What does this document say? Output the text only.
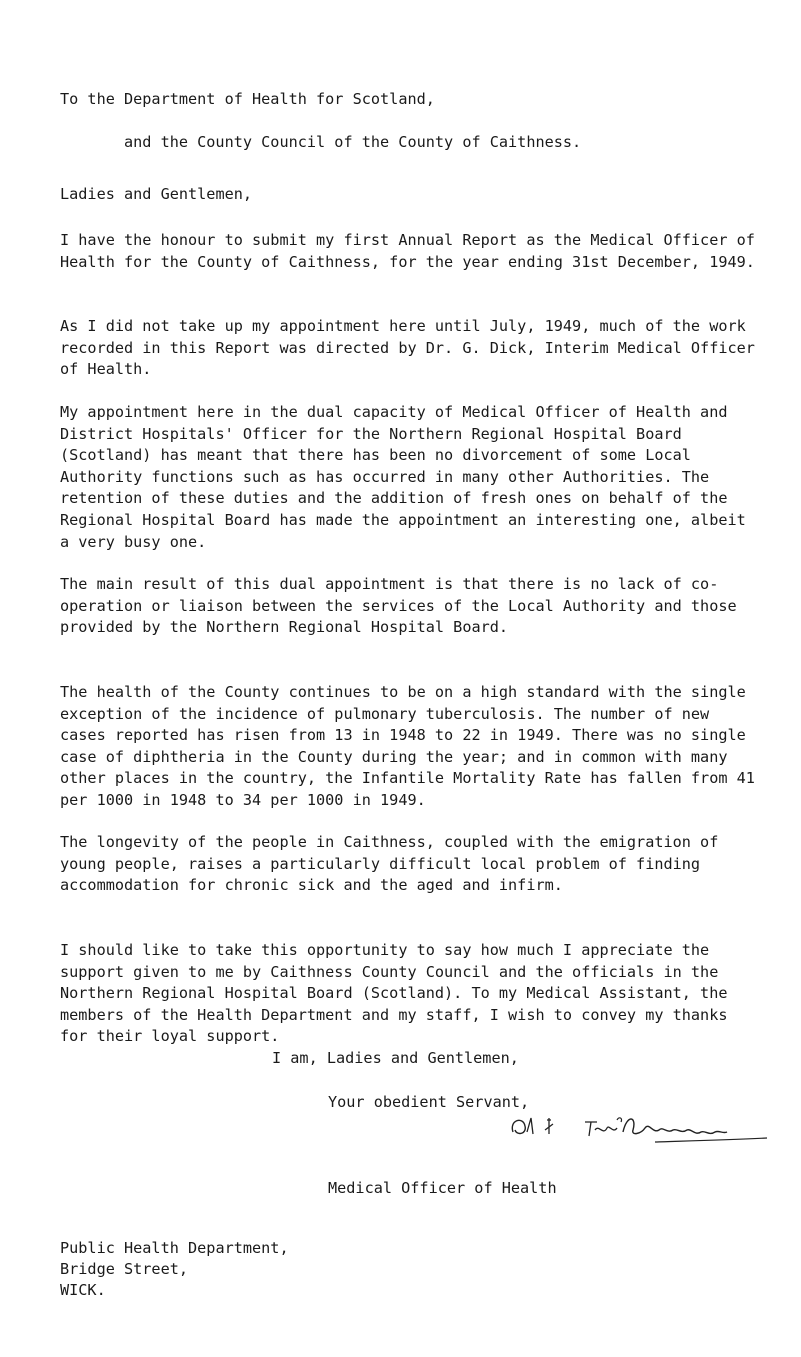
To the Department of Health for Scotland,

and the County Council of the County of Caithness.

Ladies and Gentlemen,

I have the honour to submit my first Annual Report as the Medical Officer of Health for the County of Caithness, for the year ending 31st December, 1949.

As I did not take up my appointment here until July, 1949, much of the work recorded in this Report was directed by Dr. G. Dick, Interim Medical Officer of Health.

My appointment here in the dual capacity of Medical Officer of Health and District Hospitals' Officer for the Northern Regional Hospital Board (Scotland) has meant that there has been no divorcement of some Local Authority functions such as has occurred in many other Authorities. The retention of these duties and the addition of fresh ones on behalf of the Regional Hospital Board has made the appointment an interesting one, albeit a very busy one.

The main result of this dual appointment is that there is no lack of co-operation or liaison between the services of the Local Authority and those provided by the Northern Regional Hospital Board.

The health of the County continues to be on a high standard with the single exception of the incidence of pulmonary tuberculosis. The number of new cases reported has risen from 13 in 1948 to 22 in 1949. There was no single case of diphtheria in the County during the year; and in common with many other places in the country, the Infantile Mortality Rate has fallen from 41 per 1000 in 1948 to 34 per 1000 in 1949.

The longevity of the people in Caithness, coupled with the emigration of young people, raises a particularly difficult local problem of finding accommodation for chronic sick and the aged and infirm.

I should like to take this opportunity to say how much I appreciate the support given to me by Caithness County Council and the officials in the Northern Regional Hospital Board (Scotland). To my Medical Assistant, the members of the Health Department and my staff, I wish to convey my thanks for their loyal support.

I am, Ladies and Gentlemen,

Your obedient Servant,

Medical Officer of Health

Public Health Department,

Bridge Street,

WICK.
